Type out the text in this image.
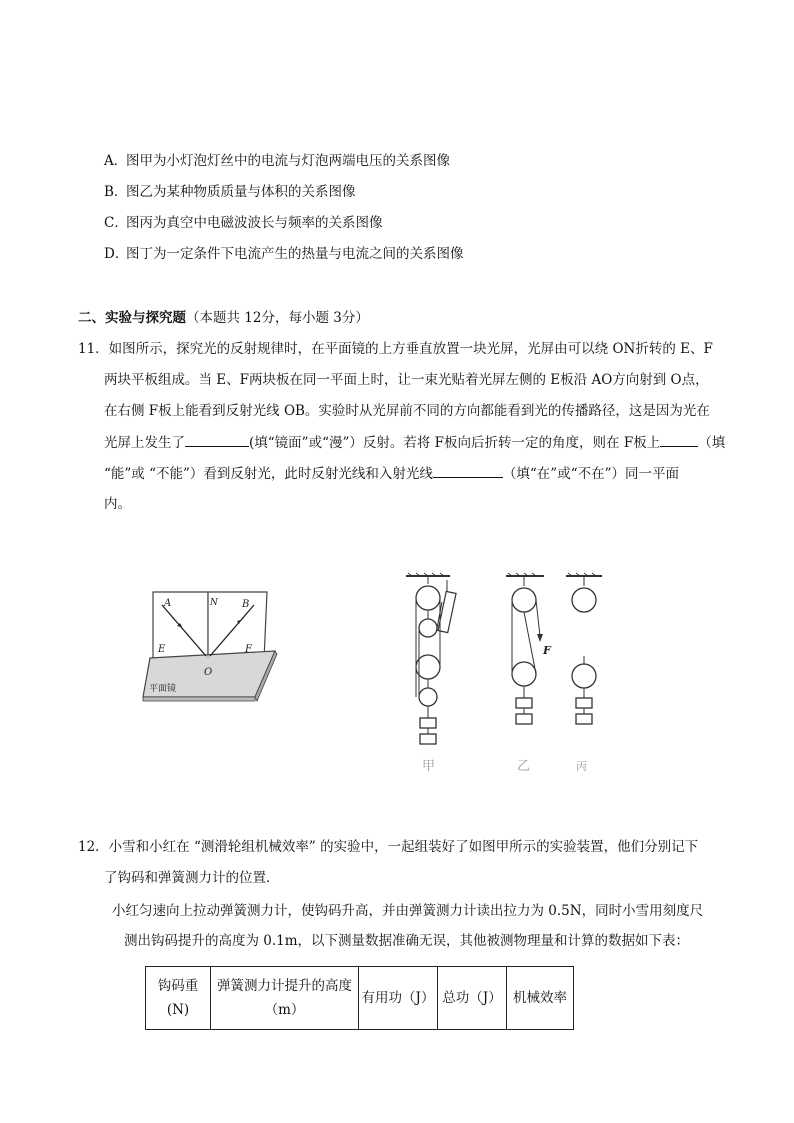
A．图甲为小灯泡灯丝中的电流与灯泡两端电压的关系图像
B．图乙为某种物质质量与体积的关系图像
C．图丙为真空中电磁波波长与频率的关系图像
D．图丁为一定条件下电流产生的热量与电流之间的关系图像
二、实验与探究题（本题共 12分，每小题 3分）
11．如图所示，探究光的反射规律时，在平面镜的上方垂直放置一块光屏，光屏由可以绕 ON折转的 E、F
两块平板组成。当 E、F两块板在同一平面上时，让一束光贴着光屏左侧的 E板沿 AO方向射到 O点，
在右侧 F板上能看到反射光线 OB。实验时从光屏前不同的方向都能看到光的传播路径，这是因为光在
光屏上发生了	(填“镜面”或“漫”）反射。若将 F板向后折转一定的角度，则在 F板上	（填
“能”或 “不能”）看到反射光，此时反射光线和入射光线	（填“在”或“不在”）同一平面
内。
A	N B
E
O
F
平面镜
甲
F
乙	丙
12．小雪和小红在 “测滑轮组机械效率” 的实验中，一起组装好了如图甲所示的实验装置，他们分别记下
了钩码和弹簧测力计的位置．
小红匀速向上拉动弹簧测力计，使钩码升高，并由弹簧测力计读出拉力为 0.5N，同时小雪用刻度尺
测出钩码提升的高度为 0.1m，以下测量数据准确无误，其他被测物理量和计算的数据如下表：
钩码重(N)	弹簧测力计提升的高度（m）	有用功（J）	总功（J）	机械效率
